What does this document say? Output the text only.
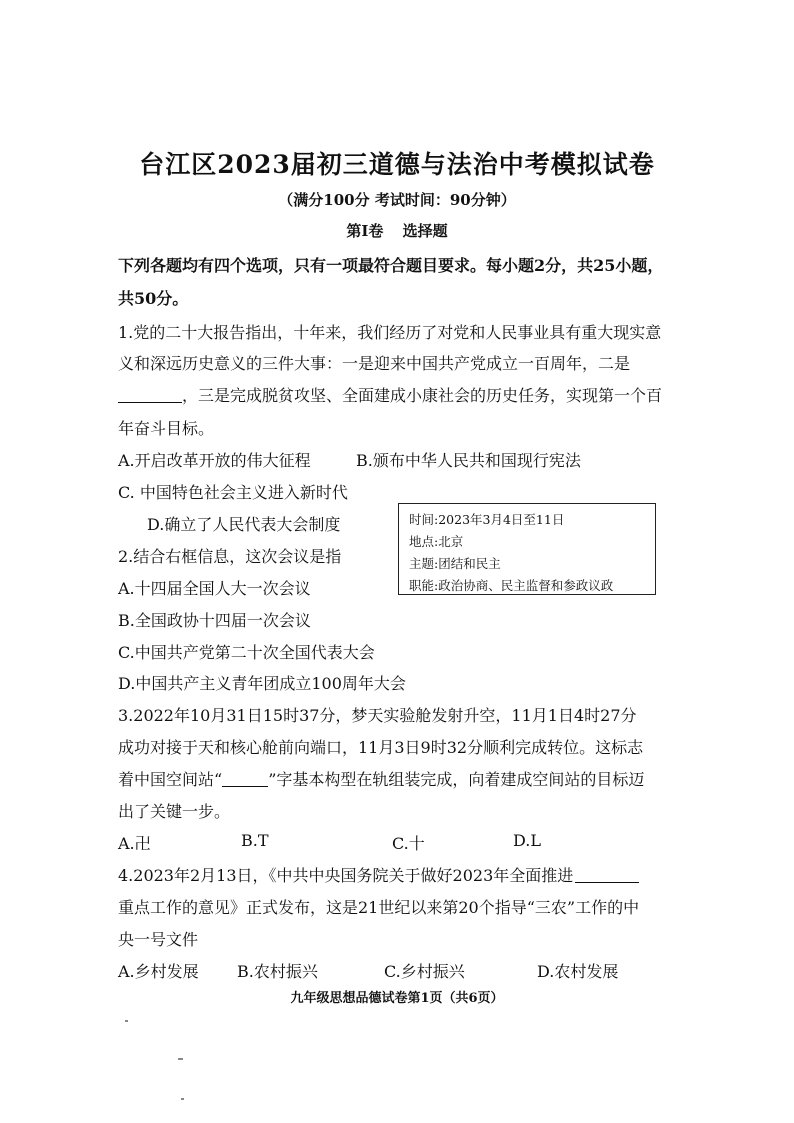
台江区2023届初三道德与法治中考模拟试卷
（满分100分 考试时间：90分钟）
第Ⅰ卷 选择题
下列各题均有四个选项，只有一项最符合题目要求。每小题2分，共25小题，
共50分。
1.党的二十大报告指出，十年来，我们经历了对党和人民事业具有重大现实意
义和深远历史意义的三件大事：一是迎来中国共产党成立一百周年，二是
，三是完成脱贫攻坚、全面建成小康社会的历史任务，实现第一个百
年奋斗目标。
A.开启改革开放的伟大征程	B.颁布中华人民共和国现行宪法
C. 中国特色社会主义进入新时代
D.确立了人民代表大会制度
2.结合右框信息，这次会议是指
A.十四届全国人大一次会议
B.全国政协十四届一次会议
C.中国共产党第二十次全国代表大会
D.中国共产主义青年团成立100周年大会
时间:2023年3月4日至11日
地点:北京
主题:团结和民主
职能:政治协商、民主监督和参政议政
3.2022年10月31日15时37分，梦天实验舱发射升空，11月1日4时27分
成功对接于天和核心舱前向端口，11月3日9时32分顺利完成转位。这标志
着中国空间站“	”字基本构型在轨组装完成，向着建成空间站的目标迈
出了关键一步。
A.卍	B.T	C.十	D.L
4.2023年2月13日，《中共中央国务院关于做好2023年全面推进
重点工作的意见》正式发布，这是21世纪以来第20个指导“三农”工作的中
央一号文件
A.乡村发展 B.农村振兴	C.乡村振兴	D.农村发展
九年级思想品德试卷第1页（共6页）
